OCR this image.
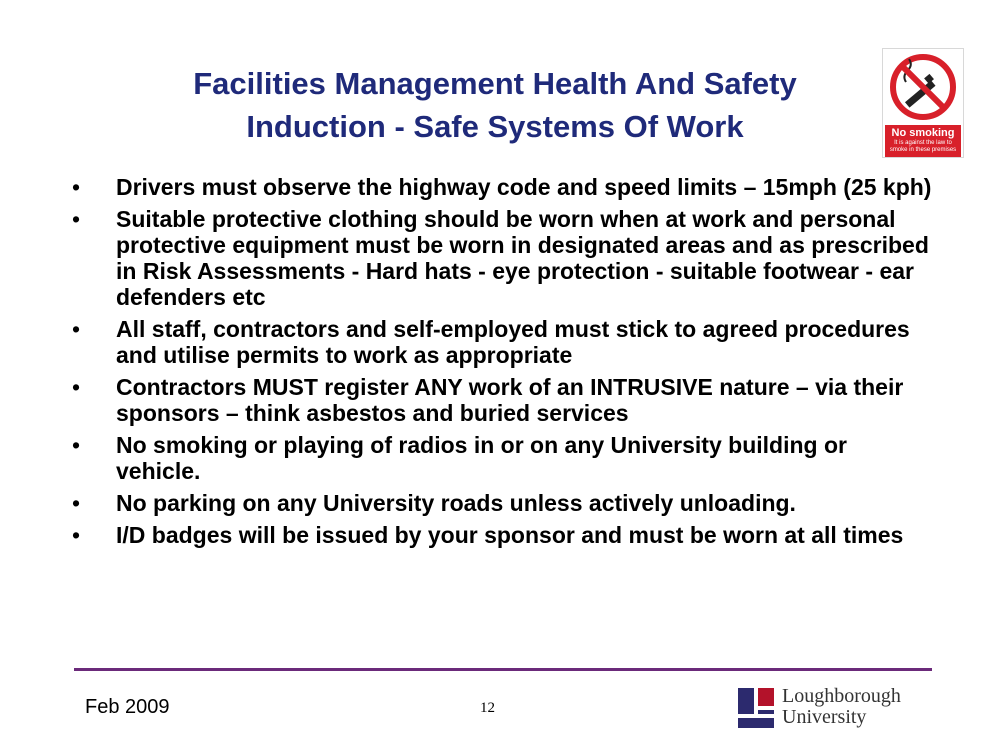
Facilities Management Health And Safety
Induction - Safe Systems Of Work	No smoking
It is against the law to smoke in these premises
• Drivers must observe the highway code and speed limits – 15mph (25 kph)
• Suitable protective clothing should be worn when at work and personal protective equipment must be worn in designated areas and as prescribed in Risk Assessments - Hard hats - eye protection - suitable footwear - ear defenders etc
• All staff, contractors and self-employed must stick to agreed procedures and utilise permits to work as appropriate
• Contractors MUST register ANY work of an INTRUSIVE nature – via their sponsors – think asbestos and buried services
• No smoking or playing of radios in or on any University building or vehicle.
• No parking on any University roads unless actively unloading.
• I/D badges will be issued by your sponsor and must be worn at all times
Feb 2009	12
Loughborough
University
